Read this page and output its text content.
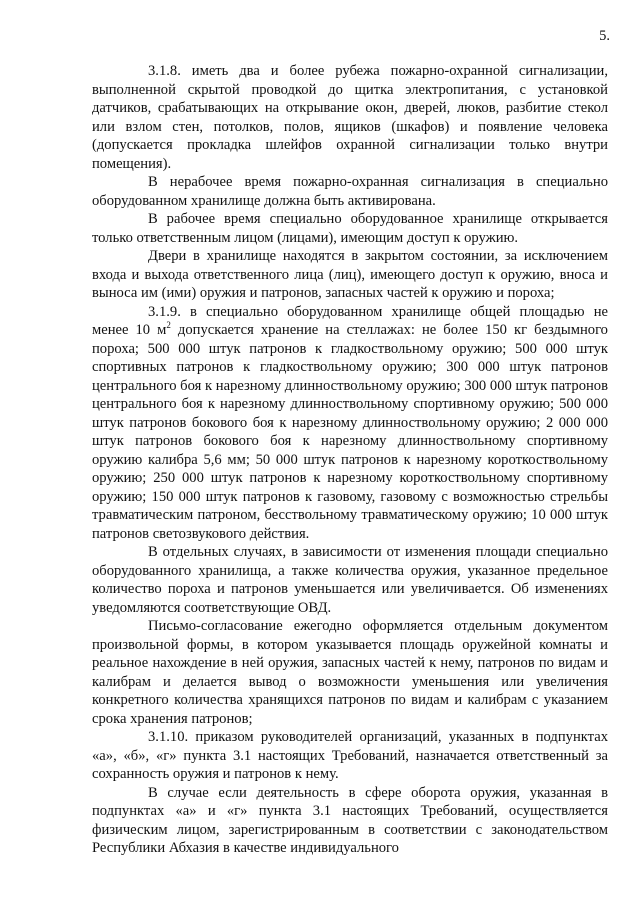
5.

3.1.8. иметь два и более рубежа пожарно-охранной сигнализации, выполненной скрытой проводкой до щитка электропитания, с установкой датчиков, срабатывающих на открывание окон, дверей, люков, разбитие стекол или взлом стен, потолков, полов, ящиков (шкафов) и появление человека (допускается прокладка шлейфов охранной сигнализации только внутри помещения).

В нерабочее время пожарно-охранная сигнализация в специально оборудованном хранилище должна быть активирована.

В рабочее время специально оборудованное хранилище открывается только ответственным лицом (лицами), имеющим доступ к оружию.

Двери в хранилище находятся в закрытом состоянии, за исключением входа и выхода ответственного лица (лиц), имеющего доступ к оружию, вноса и выноса им (ими) оружия и патронов, запасных частей к оружию и пороха;

3.1.9. в специально оборудованном хранилище общей площадью не менее 10 $м^2$ допускается хранение на стеллажах: не более 150 кг бездымного пороха; 500 000 штук патронов к гладкоствольному оружию; 500 000 штук спортивных патронов к гладкоствольному оружию; 300 000 штук патронов центрального боя к нарезному длинноствольному оружию; 300 000 штук патронов центрального боя к нарезному длинноствольному спортивному оружию; 500 000 штук патронов бокового боя к нарезному длинноствольному оружию; 2 000 000 штук патронов бокового боя к нарезному длинноствольному спортивному оружию калибра 5,6 мм; 50 000 штук патронов к нарезному короткоствольному оружию; 250 000 штук патронов к нарезному короткоствольному спортивному оружию; 150 000 штук патронов к газовому, газовому с возможностью стрельбы травматическим патроном, бесствольному травматическому оружию; 10 000 штук патронов светозвукового действия.

В отдельных случаях, в зависимости от изменения площади специально оборудованного хранилища, а также количества оружия, указанное предельное количество пороха и патронов уменьшается или увеличивается. Об изменениях уведомляются соответствующие ОВД.

Письмо-согласование ежегодно оформляется отдельным документом произвольной формы, в котором указывается площадь оружейной комнаты и реальное нахождение в ней оружия, запасных частей к нему, патронов по видам и калибрам и делается вывод о возможности уменьшения или увеличения конкретного количества хранящихся патронов по видам и калибрам с указанием срока хранения патронов;

3.1.10. приказом руководителей организаций, указанных в подпунктах «а», «б», «г» пункта 3.1 настоящих Требований, назначается ответственный за сохранность оружия и патронов к нему.

В случае если деятельность в сфере оборота оружия, указанная в подпунктах «а» и «г» пункта 3.1 настоящих Требований, осуществляется физическим лицом, зарегистрированным в соответствии с законодательством Республики Абхазия в качестве индивидуального
